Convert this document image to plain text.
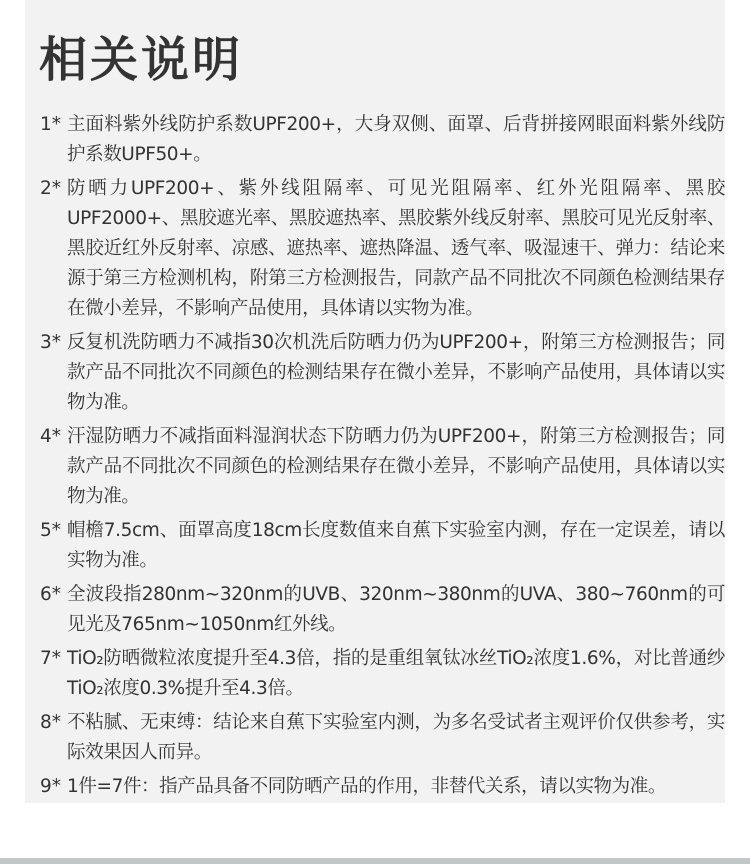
相关说明
1* 主面料紫外线防护系数UPF200+，大身双侧、面罩、后背拼接网眼面料紫外线防护系数UPF50+。
2* 防晒力UPF200+、紫外线阻隔率、可见光阻隔率、红外光阻隔率、黑胶UPF2000+、黑胶遮光率、黑胶遮热率、黑胶紫外线反射率、黑胶可见光反射率、黑胶近红外反射率、凉感、遮热率、遮热降温、透气率、吸湿速干、弹力：结论来源于第三方检测机构，附第三方检测报告，同款产品不同批次不同颜色检测结果存在微小差异，不影响产品使用，具体请以实物为准。
3* 反复机洗防晒力不减指30次机洗后防晒力仍为UPF200+，附第三方检测报告；同款产品不同批次不同颜色的检测结果存在微小差异，不影响产品使用，具体请以实物为准。
4* 汗湿防晒力不减指面料湿润状态下防晒力仍为UPF200+，附第三方检测报告；同款产品不同批次不同颜色的检测结果存在微小差异，不影响产品使用，具体请以实物为准。
5* 帽檐7.5cm、面罩高度18cm长度数值来自蕉下实验室内测，存在一定误差，请以实物为准。
6* 全波段指280nm~320nm的UVB、320nm~380nm的UVA、380~760nm的可见光及765nm~1050nm红外线。
7* TiO₂防晒微粒浓度提升至4.3倍，指的是重组氧钛冰丝TiO₂浓度1.6%，对比普通纱TiO₂浓度0.3%提升至4.3倍。
8* 不粘腻、无束缚：结论来自蕉下实验室内测，为多名受试者主观评价仅供参考，实际效果因人而异。
9* 1件=7件：指产品具备不同防晒产品的作用，非替代关系，请以实物为准。
